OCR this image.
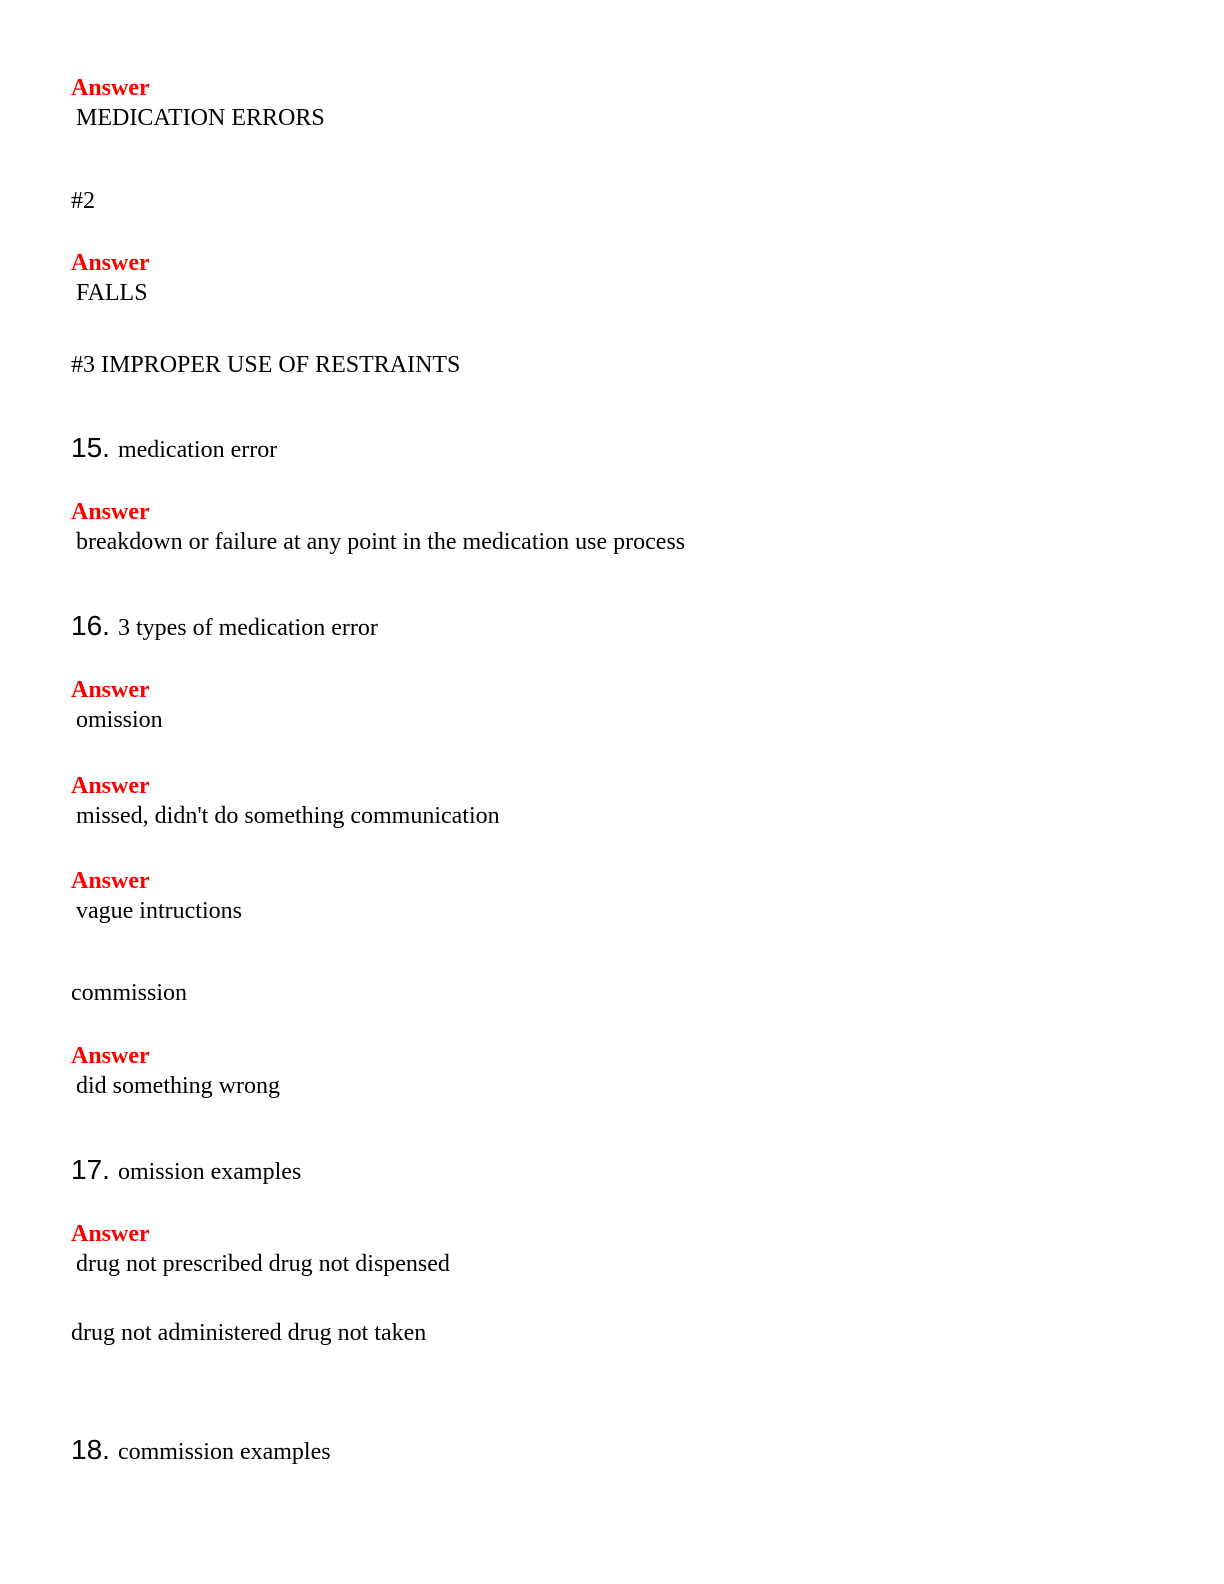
Answer
MEDICATION ERRORS
#2
Answer
FALLS
#3 IMPROPER USE OF RESTRAINTS
15. medication error
Answer
breakdown or failure at any point in the medication use process
16. 3 types of medication error
Answer
omission
Answer
missed, didn't do something communication
Answer
vague intructions
commission
Answer
did something wrong
17. omission examples
Answer
drug not prescribed drug not dispensed
drug not administered drug not taken
18. commission examples
